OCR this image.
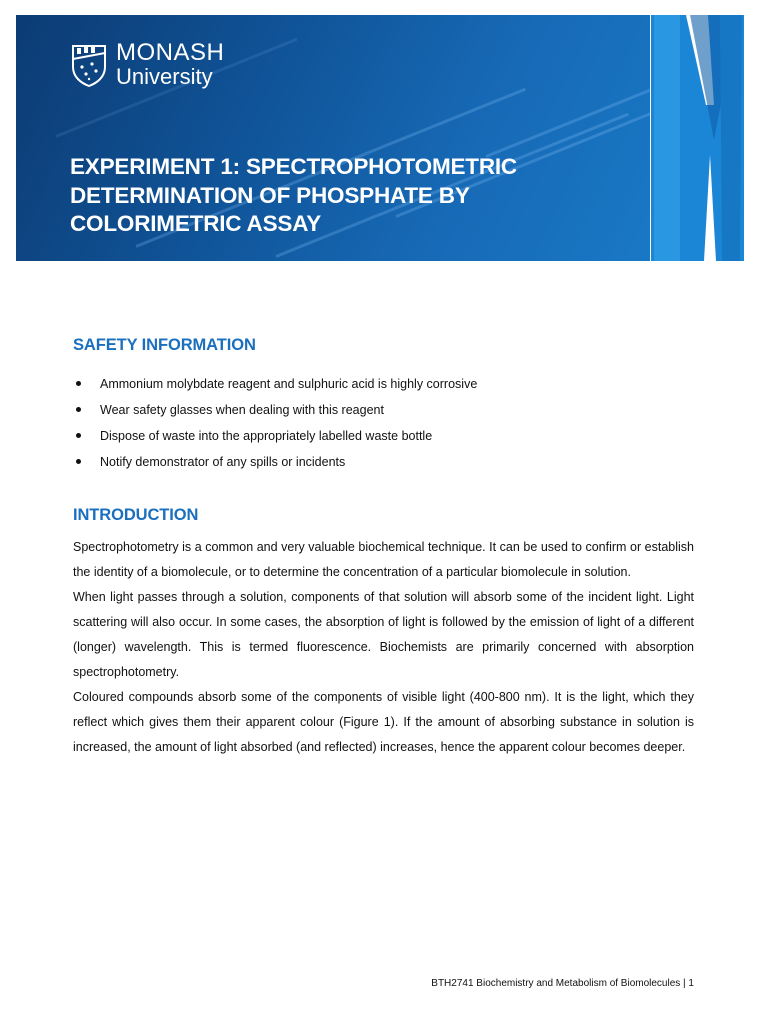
MONASH
University
EXPERIMENT 1: SPECTROPHOTOMETRIC
DETERMINATION OF PHOSPHATE BY
COLORIMETRIC ASSAY
SAFETY INFORMATION
Ammonium molybdate reagent and sulphuric acid is highly corrosive
Wear safety glasses when dealing with this reagent
Dispose of waste into the appropriately labelled waste bottle
Notify demonstrator of any spills or incidents
INTRODUCTION

Spectrophotometry is a common and very valuable biochemical technique. It can be used to confirm or establish the identity of a biomolecule, or to determine the concentration of a particular biomolecule in solution.

When light passes through a solution, components of that solution will absorb some of the incident light. Light scattering will also occur. In some cases, the absorption of light is followed by the emission of light of a different (longer) wavelength. This is termed fluorescence. Biochemists are primarily concerned with absorption spectrophotometry.

Coloured compounds absorb some of the components of visible light (400-800 nm). It is the light, which they reflect which gives them their apparent colour (Figure 1). If the amount of absorbing substance in solution is increased, the amount of light absorbed (and reflected) increases, hence the apparent colour becomes deeper.

BTH2741 Biochemistry and Metabolism of Biomolecules | 1
